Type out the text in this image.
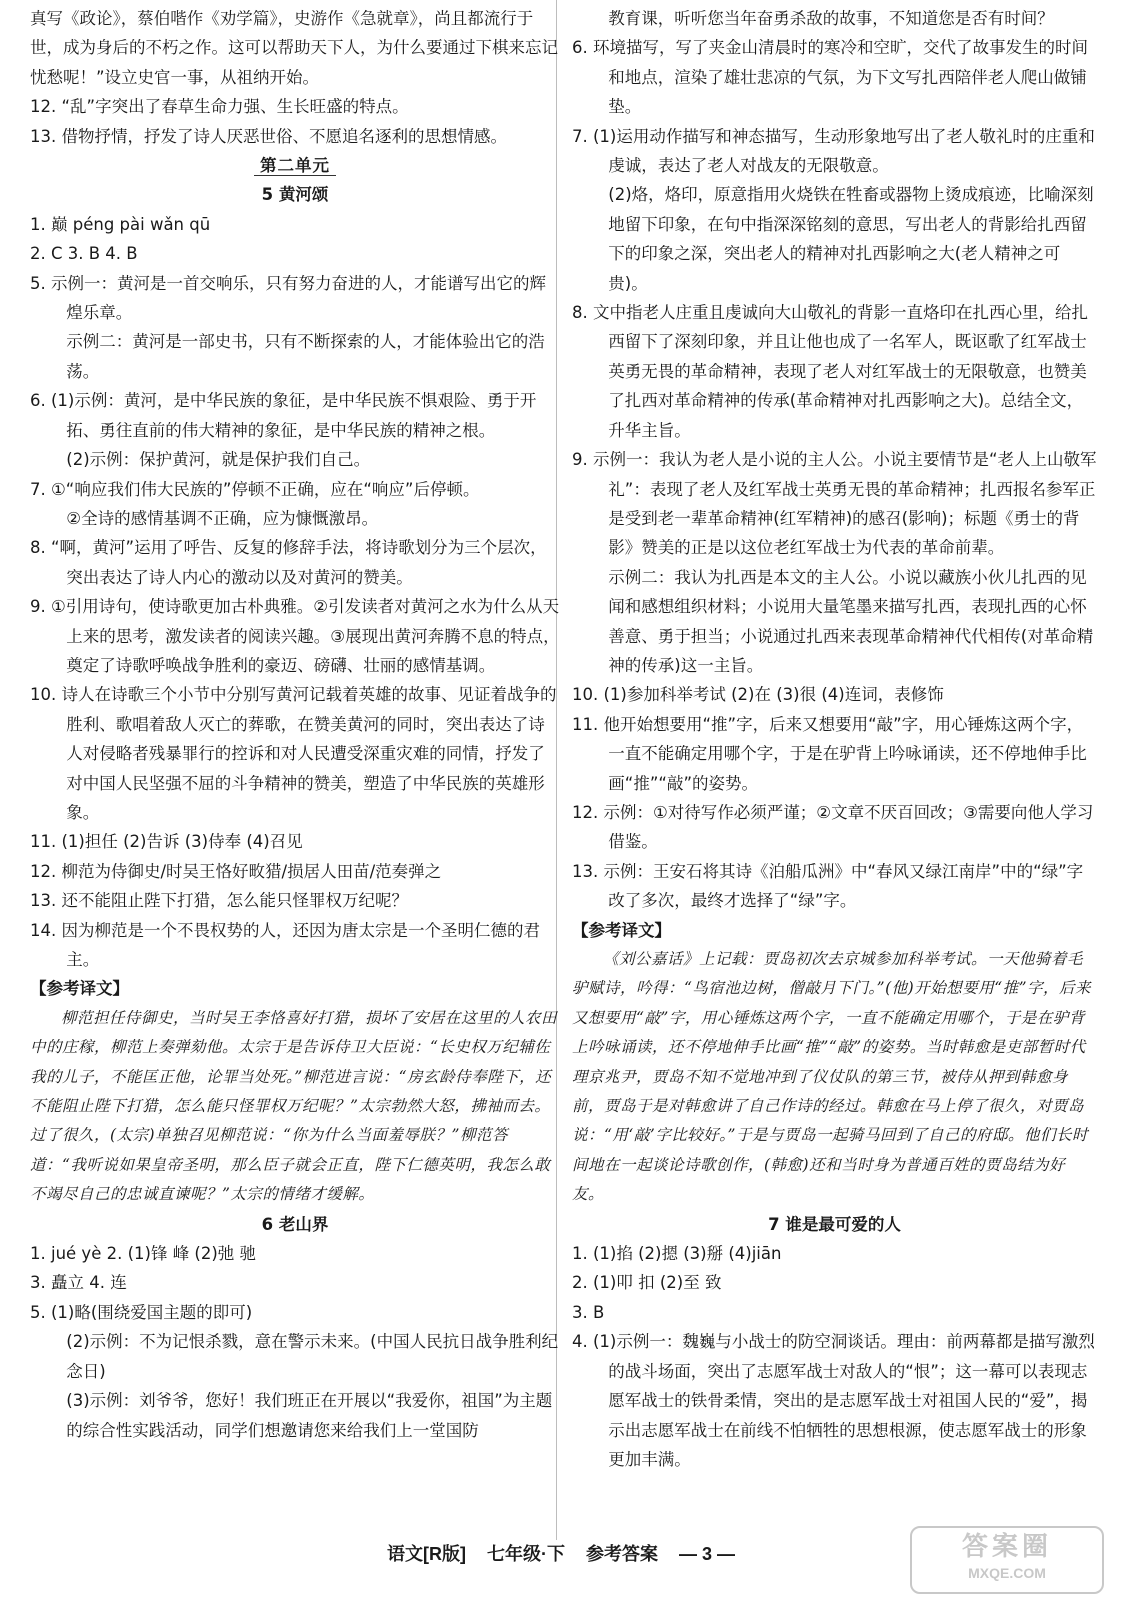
真写《政论》，蔡伯喈作《劝学篇》，史游作《急就章》，尚且都流行于世，成为身后的不朽之作。这可以帮助天下人，为什么要通过下棋来忘记忧愁呢！”设立史官一事，从祖纳开始。
12. “乱”字突出了春草生命力强、生长旺盛的特点。
13. 借物抒情，抒发了诗人厌恶世俗、不愿追名逐利的思想情感。
第二单元
5 黄河颂
1. 巅 péng pài wǎn qū
2. C 3. B 4. B
5. 示例一：黄河是一首交响乐，只有努力奋进的人，才能谱写出它的辉煌乐章。
示例二：黄河是一部史书，只有不断探索的人，才能体验出它的浩荡。
6. (1)示例：黄河，是中华民族的象征，是中华民族不惧艰险、勇于开拓、勇往直前的伟大精神的象征，是中华民族的精神之根。
(2)示例：保护黄河，就是保护我们自己。
7. ①“响应我们伟大民族的”停顿不正确，应在“响应”后停顿。
②全诗的感情基调不正确，应为慷慨激昂。
8. “啊，黄河”运用了呼告、反复的修辞手法，将诗歌划分为三个层次，突出表达了诗人内心的激动以及对黄河的赞美。
9. ①引用诗句，使诗歌更加古朴典雅。②引发读者对黄河之水为什么从天上来的思考，激发读者的阅读兴趣。③展现出黄河奔腾不息的特点，奠定了诗歌呼唤战争胜利的豪迈、磅礴、壮丽的感情基调。
10. 诗人在诗歌三个小节中分别写黄河记载着英雄的故事、见证着战争的胜利、歌唱着敌人灭亡的葬歌，在赞美黄河的同时，突出表达了诗人对侵略者残暴罪行的控诉和对人民遭受深重灾难的同情，抒发了对中国人民坚强不屈的斗争精神的赞美，塑造了中华民族的英雄形象。
11. (1)担任 (2)告诉 (3)侍奉 (4)召见
12. 柳范为侍御史/时吴王恪好畋猎/损居人田苗/范奏弹之
13. 还不能阻止陛下打猎，怎么能只怪罪权万纪呢？
14. 因为柳范是一个不畏权势的人，还因为唐太宗是一个圣明仁德的君主。
【参考译文】
柳范担任侍御史，当时吴王李恪喜好打猎，损坏了安居在这里的人农田中的庄稼，柳范上奏弹劾他。太宗于是告诉侍卫大臣说：“长史权万纪辅佐我的儿子，不能匡正他，论罪当处死。”柳范进言说：“房玄龄侍奉陛下，还不能阻止陛下打猎，怎么能只怪罪权万纪呢？”太宗勃然大怒，拂袖而去。过了很久，(太宗)单独召见柳范说：“你为什么当面羞辱朕？”柳范答道：“我听说如果皇帝圣明，那么臣子就会正直，陛下仁德英明，我怎么敢不竭尽自己的忠诚直谏呢？”太宗的情绪才缓解。
6 老山界
1. jué yè 2. (1)锋 峰 (2)弛 驰
3. 矗立 4. 连
5. (1)略(围绕爱国主题的即可)
(2)示例：不为记恨杀戮，意在警示未来。(中国人民抗日战争胜利纪念日)
(3)示例：刘爷爷，您好！我们班正在开展以“我爱你，祖国”为主题的综合性实践活动，同学们想邀请您来给我们上一堂国防
教育课，听听您当年奋勇杀敌的故事，不知道您是否有时间？
6. 环境描写，写了夹金山清晨时的寒冷和空旷，交代了故事发生的时间和地点，渲染了雄壮悲凉的气氛，为下文写扎西陪伴老人爬山做铺垫。
7. (1)运用动作描写和神态描写，生动形象地写出了老人敬礼时的庄重和虔诚，表达了老人对战友的无限敬意。
(2)烙，烙印，原意指用火烧铁在牲畜或器物上烫成痕迹，比喻深刻地留下印象，在句中指深深铭刻的意思，写出老人的背影给扎西留下的印象之深，突出老人的精神对扎西影响之大(老人精神之可贵)。
8. 文中指老人庄重且虔诚向大山敬礼的背影一直烙印在扎西心里，给扎西留下了深刻印象，并且让他也成了一名军人，既讴歌了红军战士英勇无畏的革命精神，表现了老人对红军战士的无限敬意，也赞美了扎西对革命精神的传承(革命精神对扎西影响之大)。总结全文，升华主旨。
9. 示例一：我认为老人是小说的主人公。小说主要情节是“老人上山敬军礼”：表现了老人及红军战士英勇无畏的革命精神；扎西报名参军正是受到老一辈革命精神(红军精神)的感召(影响)；标题《勇士的背影》赞美的正是以这位老红军战士为代表的革命前辈。
示例二：我认为扎西是本文的主人公。小说以藏族小伙儿扎西的见闻和感想组织材料；小说用大量笔墨来描写扎西，表现扎西的心怀善意、勇于担当；小说通过扎西来表现革命精神代代相传(对革命精神的传承)这一主旨。
10. (1)参加科举考试 (2)在 (3)很 (4)连词，表修饰
11. 他开始想要用“推”字，后来又想要用“敲”字，用心锤炼这两个字，一直不能确定用哪个字，于是在驴背上吟咏诵读，还不停地伸手比画“推”“敲”的姿势。
12. 示例：①对待写作必须严谨；②文章不厌百回改；③需要向他人学习借鉴。
13. 示例：王安石将其诗《泊船瓜洲》中“春风又绿江南岸”中的“绿”字改了多次，最终才选择了“绿”字。
【参考译文】
《刘公嘉话》上记载：贾岛初次去京城参加科举考试。一天他骑着毛驴赋诗，吟得：“鸟宿池边树，僧敲月下门。”(他)开始想要用“推”字，后来又想要用“敲”字，用心锤炼这两个字，一直不能确定用哪个，于是在驴背上吟咏诵读，还不停地伸手比画“推”“敲”的姿势。当时韩愈是吏部暂时代理京兆尹，贾岛不知不觉地冲到了仪仗队的第三节，被侍从押到韩愈身前，贾岛于是对韩愈讲了自己作诗的经过。韩愈在马上停了很久，对贾岛说：“用‘敲’字比较好。”于是与贾岛一起骑马回到了自己的府邸。他们长时间地在一起谈论诗歌创作，(韩愈)还和当时身为普通百姓的贾岛结为好友。
7 谁是最可爱的人
1. (1)掐 (2)摁 (3)掰 (4)jiān
2. (1)叩 扣 (2)至 致
3. B
4. (1)示例一：魏巍与小战士的防空洞谈话。理由：前两幕都是描写激烈的战斗场面，突出了志愿军战士对敌人的“恨”；这一幕可以表现志愿军战士的铁骨柔情，突出的是志愿军战士对祖国人民的“爱”，揭示出志愿军战士在前线不怕牺牲的思想根源，使志愿军战士的形象更加丰满。
语文[R版] 七年级·下 参考答案 — 3 —	答案圈
MXQE.COM
